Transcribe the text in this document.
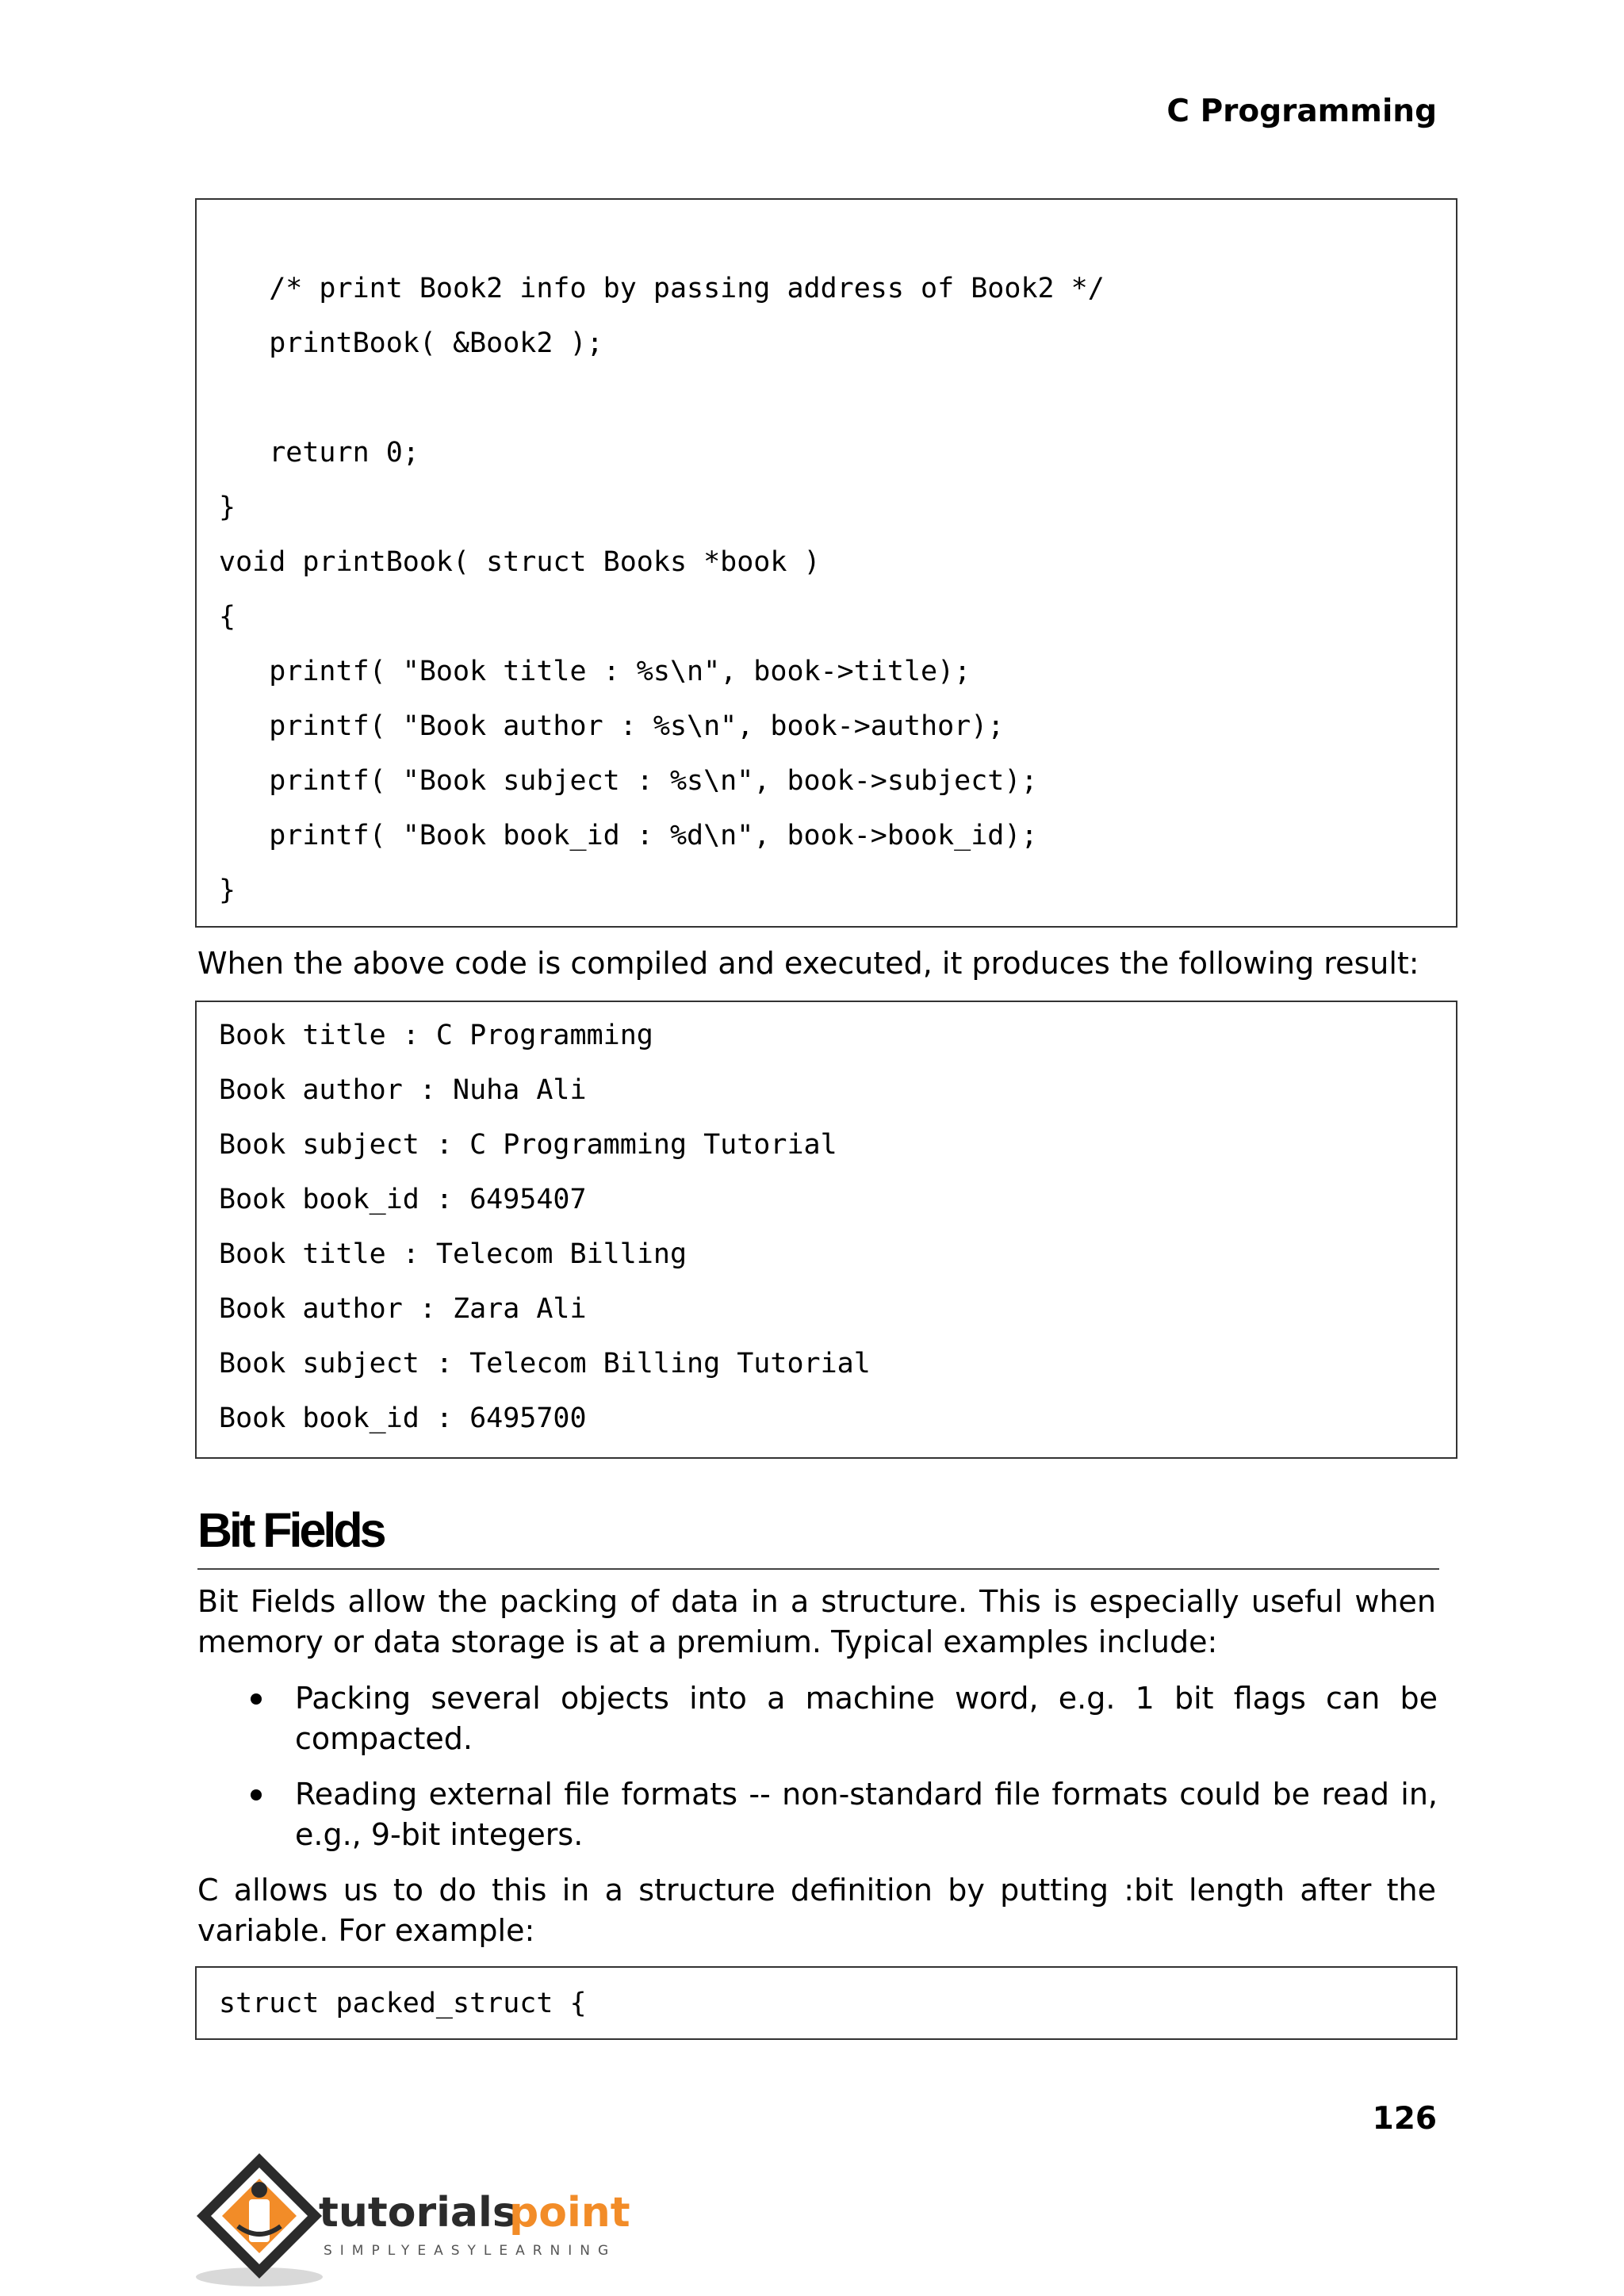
C Programming
/* print Book2 info by passing address of Book2 */
printBook( &Book2 );
return 0;
}
void printBook( struct Books *book )
{
printf( "Book title : %s\n", book->title);
printf( "Book author : %s\n", book->author);
printf( "Book subject : %s\n", book->subject);
printf( "Book book_id : %d\n", book->book_id);
}

When the above code is compiled and executed, it produces the following result:

Book title : C Programming
Book author : Nuha Ali
Book subject : C Programming Tutorial
Book book_id : 6495407
Book title : Telecom Billing
Book author : Zara Ali
Book subject : Telecom Billing Tutorial
Book book_id : 6495700
Bit Fields

Bit Fields allow the packing of data in a structure. This is especially useful when memory or data storage is at a premium. Typical examples include:

Packing several objects into a machine word, e.g. 1 bit flags can be compacted.
Reading external file formats -- non-standard file formats could be read in, e.g., 9-bit integers.

C allows us to do this in a structure definition by putting :bit length after the variable. For example:

struct packed_struct {
126
tutorials
point
SIMPLYEASYLEARNING
